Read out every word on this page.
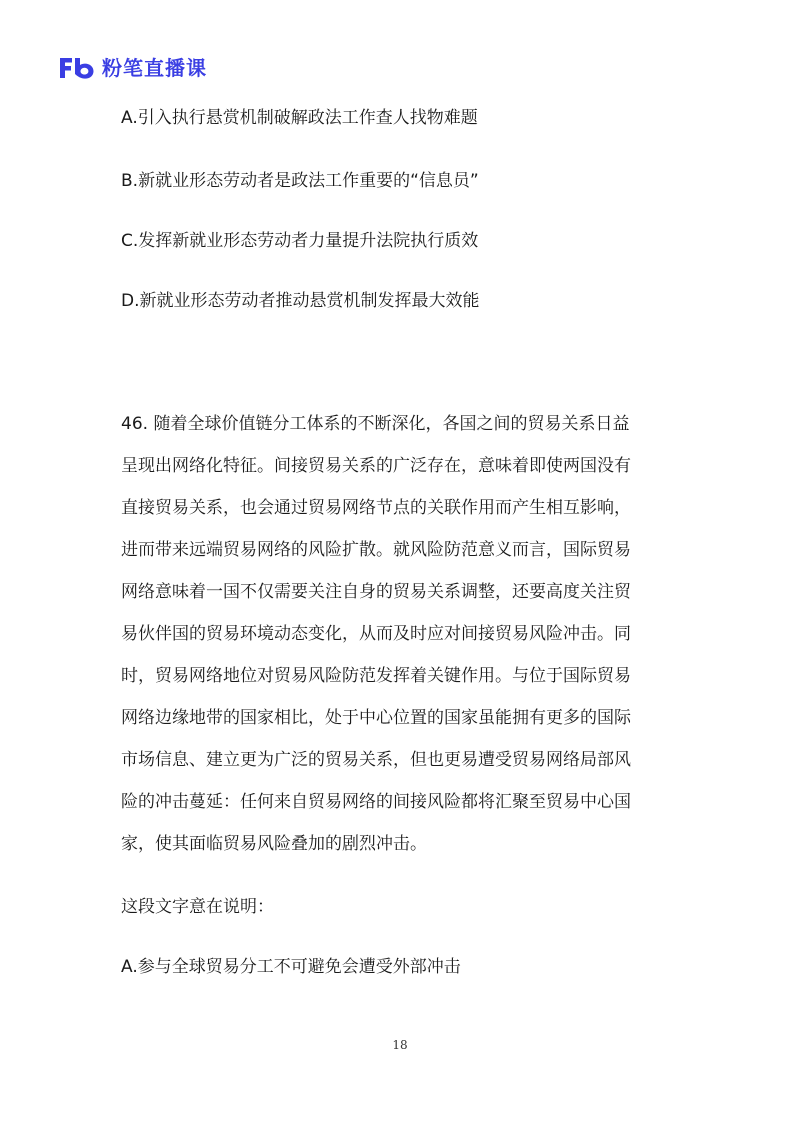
粉笔直播课
A.引入执行悬赏机制破解政法工作查人找物难题
B.新就业形态劳动者是政法工作重要的“信息员”
C.发挥新就业形态劳动者力量提升法院执行质效
D.新就业形态劳动者推动悬赏机制发挥最大效能
46. 随着全球价值链分工体系的不断深化，各国之间的贸易关系日益
呈现出网络化特征。间接贸易关系的广泛存在，意味着即使两国没有
直接贸易关系，也会通过贸易网络节点的关联作用而产生相互影响，
进而带来远端贸易网络的风险扩散。就风险防范意义而言，国际贸易
网络意味着一国不仅需要关注自身的贸易关系调整，还要高度关注贸
易伙伴国的贸易环境动态变化，从而及时应对间接贸易风险冲击。同
时，贸易网络地位对贸易风险防范发挥着关键作用。与位于国际贸易
网络边缘地带的国家相比，处于中心位置的国家虽能拥有更多的国际
市场信息、建立更为广泛的贸易关系，但也更易遭受贸易网络局部风
险的冲击蔓延：任何来自贸易网络的间接风险都将汇聚至贸易中心国
家，使其面临贸易风险叠加的剧烈冲击。
这段文字意在说明：
A.参与全球贸易分工不可避免会遭受外部冲击
18
